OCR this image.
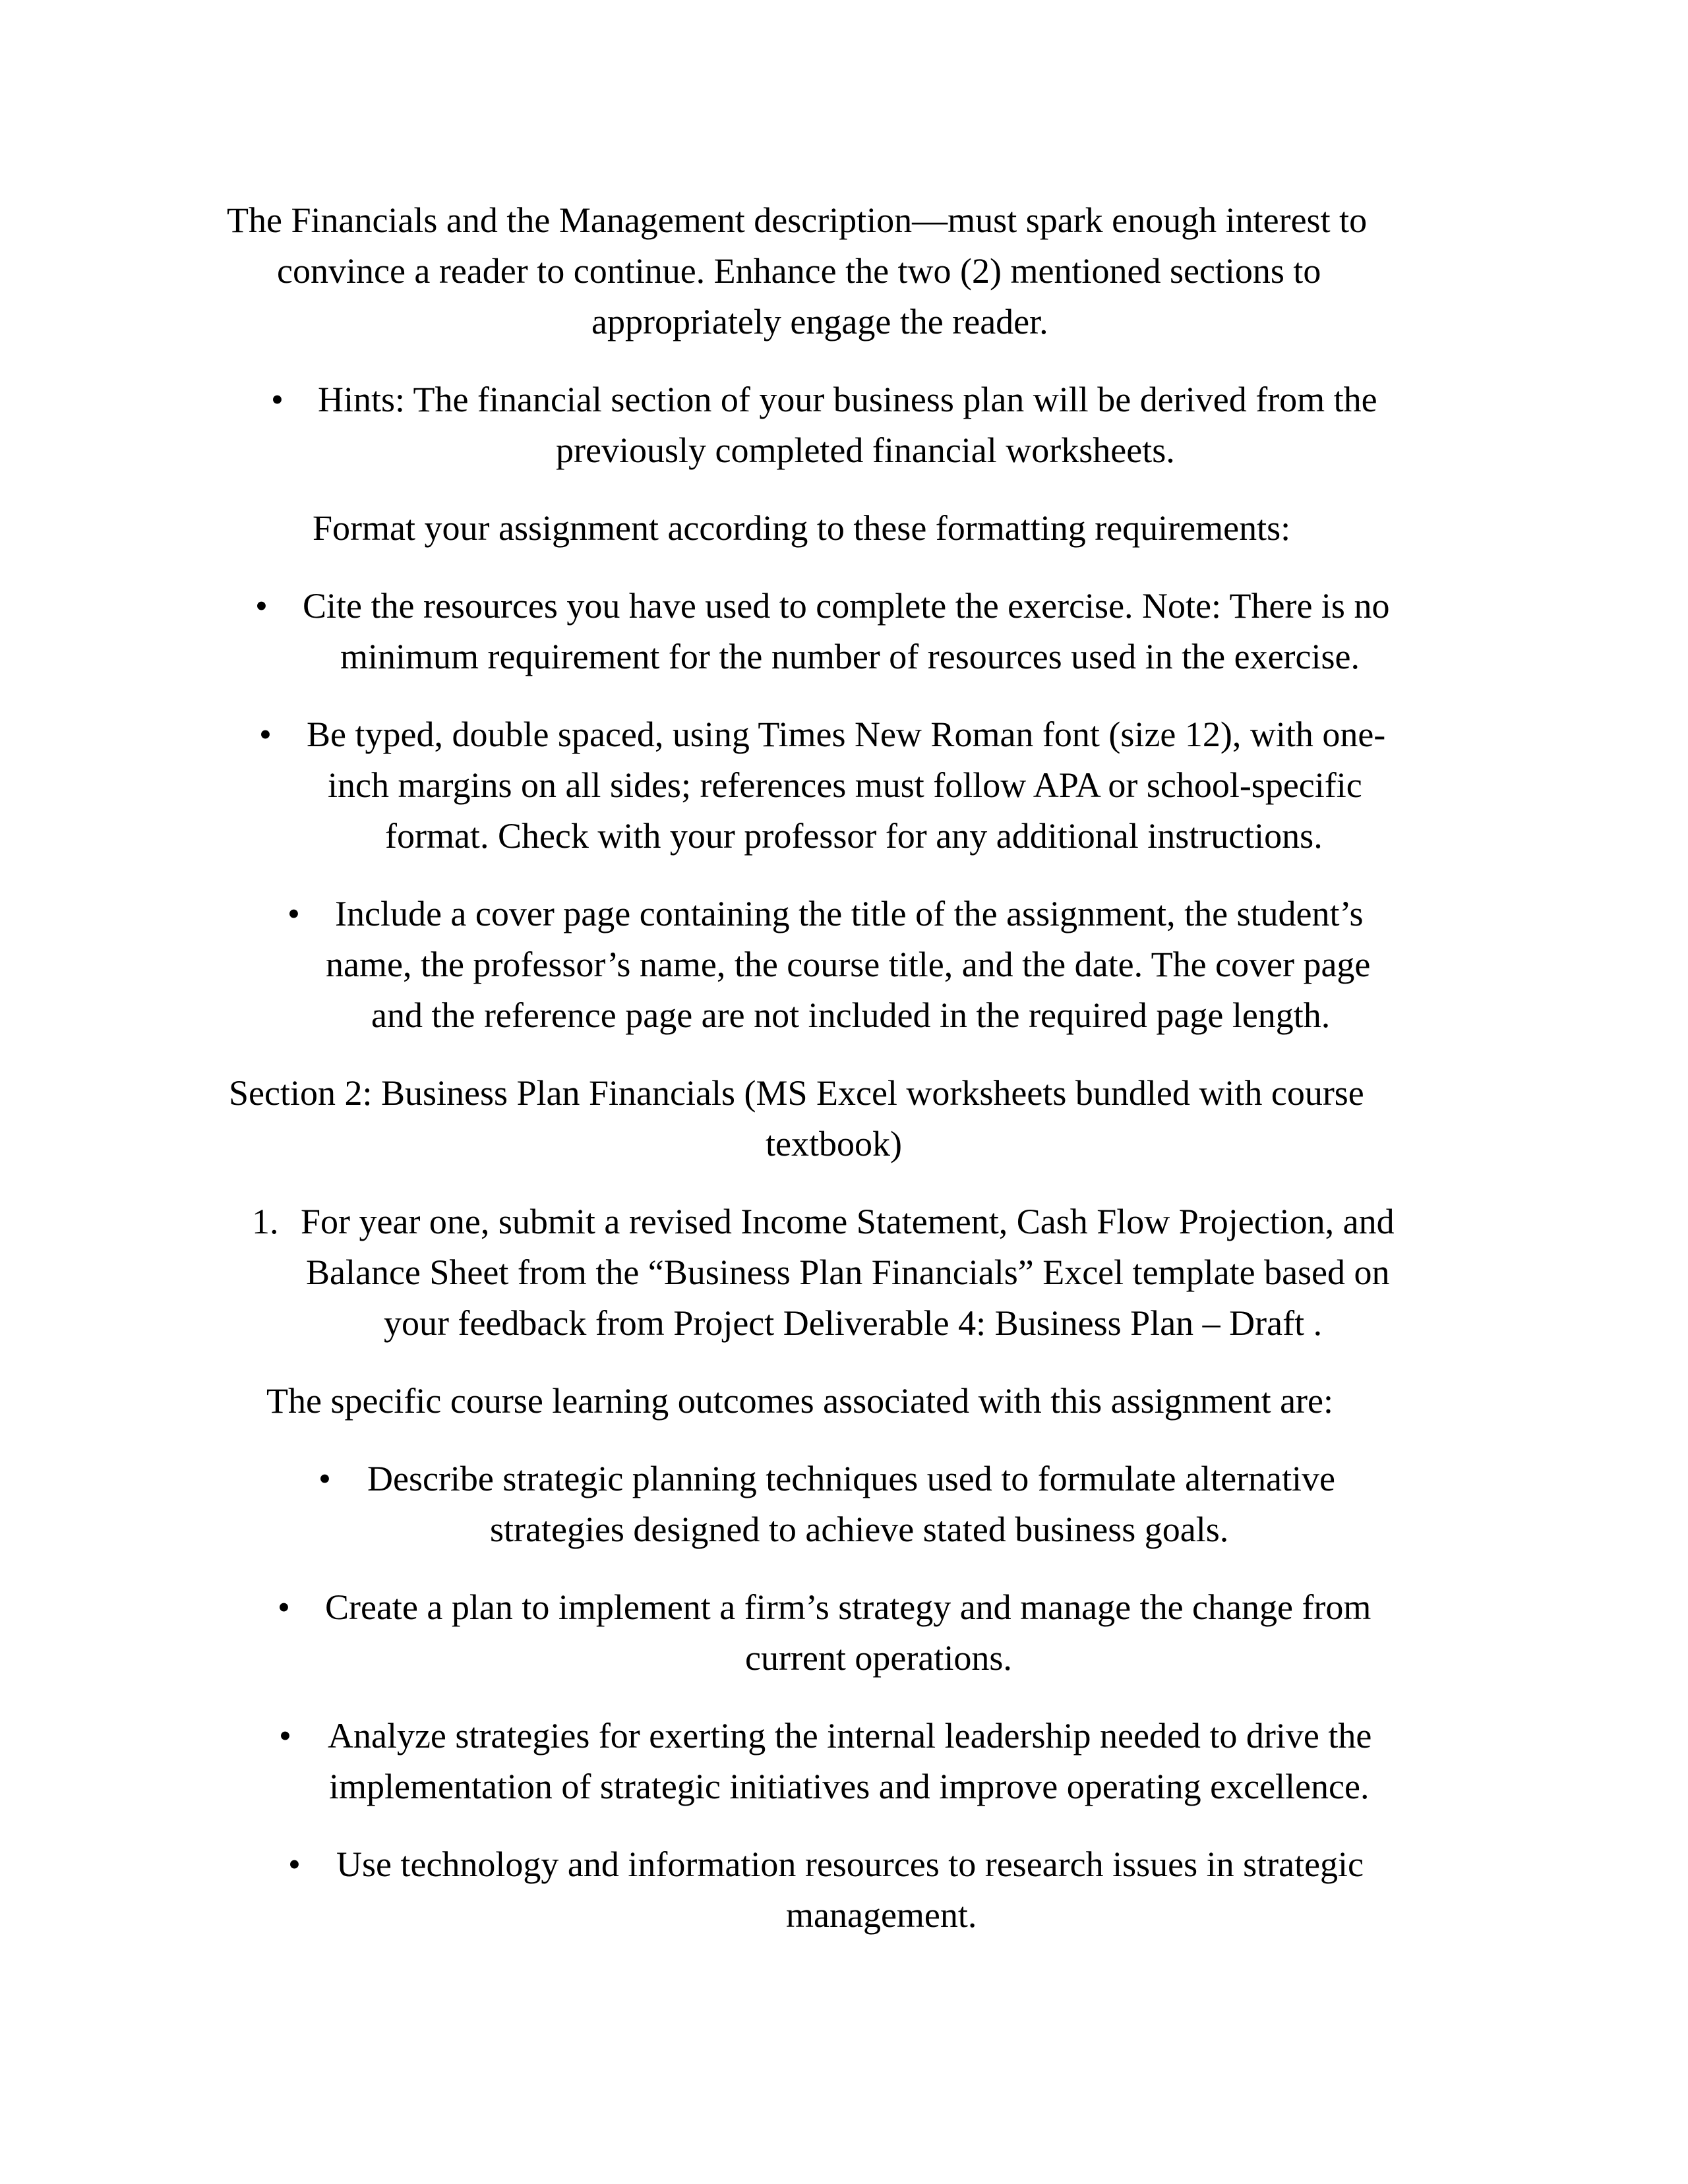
The Financials and the Management description—must spark enough interest to
convince a reader to continue. Enhance the two (2) mentioned sections to
appropriately engage the reader.
• Hints: The financial section of your business plan will be derived from the
previously completed financial worksheets.
Format your assignment according to these formatting requirements:
• Cite the resources you have used to complete the exercise. Note: There is no
minimum requirement for the number of resources used in the exercise.
• Be typed, double spaced, using Times New Roman font (size 12), with one-
inch margins on all sides; references must follow APA or school-specific
format. Check with your professor for any additional instructions.
• Include a cover page containing the title of the assignment, the student’s
name, the professor’s name, the course title, and the date. The cover page
and the reference page are not included in the required page length.
Section 2: Business Plan Financials (MS Excel worksheets bundled with course
textbook)
1. For year one, submit a revised Income Statement, Cash Flow Projection, and
Balance Sheet from the “Business Plan Financials” Excel template based on
your feedback from Project Deliverable 4: Business Plan – Draft .
The specific course learning outcomes associated with this assignment are:
• Describe strategic planning techniques used to formulate alternative
strategies designed to achieve stated business goals.
• Create a plan to implement a firm’s strategy and manage the change from
current operations.
• Analyze strategies for exerting the internal leadership needed to drive the
implementation of strategic initiatives and improve operating excellence.
• Use technology and information resources to research issues in strategic
management.
